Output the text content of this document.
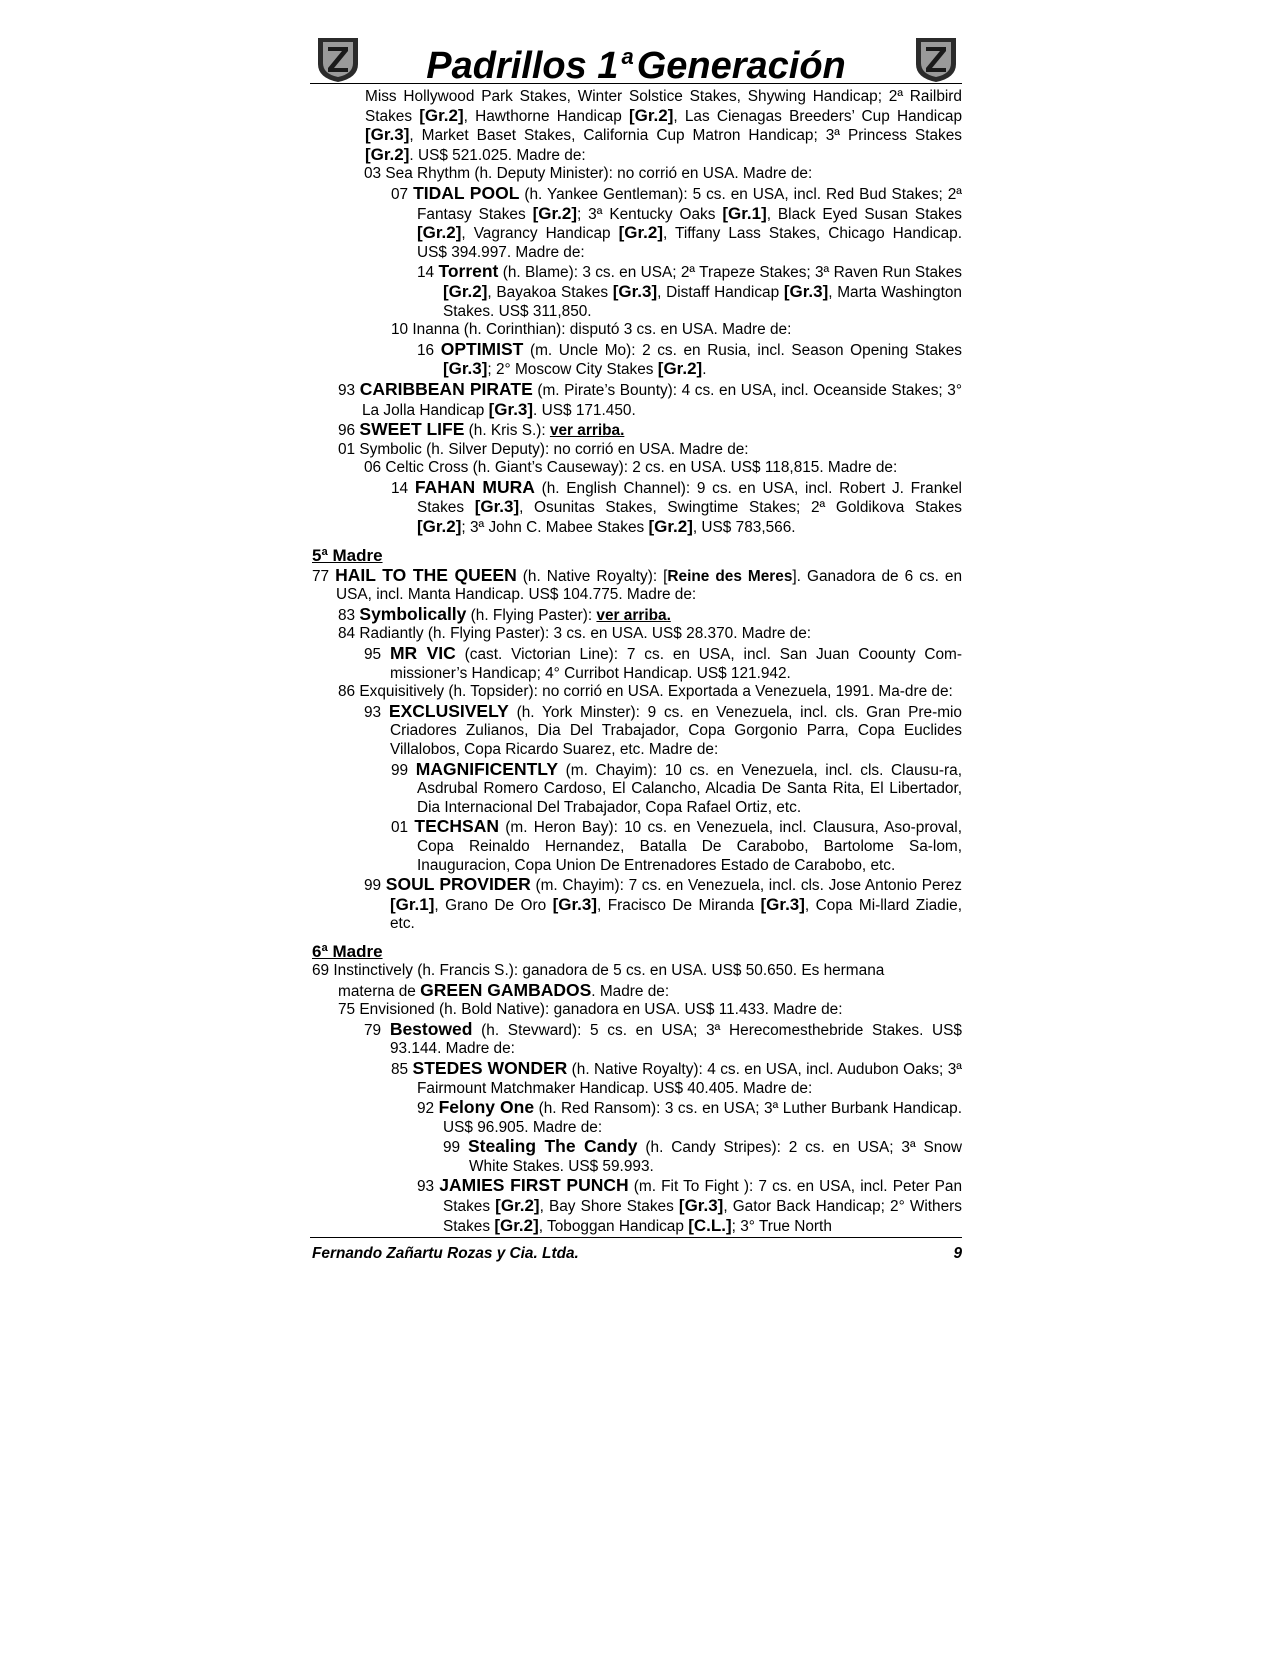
Padrillos 1 $^a$Generación

Miss Hollywood Park Stakes, Winter Solstice Stakes, Shywing Handicap; 2ª Railbird Stakes [Gr.2], Hawthorne Handicap [Gr.2], Las Cienagas Breeders’ Cup Handicap [Gr.3], Market Baset Stakes, California Cup Matron Handicap; 3ª Princess Stakes [Gr.2]. US$ 521.025. Madre de:

03 Sea Rhythm (h. Deputy Minister): no corrió en USA. Madre de:

07 TIDAL POOL (h. Yankee Gentleman): 5 cs. en USA, incl. Red Bud Stakes; 2ª Fantasy Stakes [Gr.2]; 3ª Kentucky Oaks [Gr.1], Black Eyed Susan Stakes [Gr.2], Vagrancy Handicap [Gr.2], Tiffany Lass Stakes, Chicago Handicap. US$ 394.997. Madre de:

14 Torrent (h. Blame): 3 cs. en USA; 2ª Trapeze Stakes; 3ª Raven Run Stakes [Gr.2], Bayakoa Stakes [Gr.3], Distaff Handicap [Gr.3], Marta Washington Stakes. US$ 311,850.

10 Inanna (h. Corinthian): disputó 3 cs. en USA. Madre de:

16 OPTIMIST (m. Uncle Mo): 2 cs. en Rusia, incl. Season Opening Stakes [Gr.3]; 2° Moscow City Stakes [Gr.2].

93 CARIBBEAN PIRATE (m. Pirate’s Bounty): 4 cs. en USA, incl. Oceanside Stakes; 3° La Jolla Handicap [Gr.3]. US$ 171.450.

96 SWEET LIFE (h. Kris S.): ver arriba.

01 Symbolic (h. Silver Deputy): no corrió en USA. Madre de:

06 Celtic Cross (h. Giant’s Causeway): 2 cs. en USA. US$ 118,815. Madre de:

14 FAHAN MURA (h. English Channel): 9 cs. en USA, incl. Robert J. Frankel Stakes [Gr.3], Osunitas Stakes, Swingtime Stakes; 2ª Goldikova Stakes [Gr.2]; 3ª John C. Mabee Stakes [Gr.2], US$ 783,566.

5ª Madre

77 HAIL TO THE QUEEN (h. Native Royalty): [Reine des Meres]. Ganadora de 6 cs. en USA, incl. Manta Handicap. US$ 104.775. Madre de:

83 Symbolically (h. Flying Paster): ver arriba.

84 Radiantly (h. Flying Paster): 3 cs. en USA. US$ 28.370. Madre de:

95 MR VIC (cast. Victorian Line): 7 cs. en USA, incl. San Juan Coounty Com-missioner’s Handicap; 4° Curribot Handicap. US$ 121.942.

86 Exquisitively (h. Topsider): no corrió en USA. Exportada a Venezuela, 1991. Ma-dre de:

93 EXCLUSIVELY (h. York Minster): 9 cs. en Venezuela, incl. cls. Gran Pre-mio Criadores Zulianos, Dia Del Trabajador, Copa Gorgonio Parra, Copa Euclides Villalobos, Copa Ricardo Suarez, etc. Madre de:

99 MAGNIFICENTLY (m. Chayim): 10 cs. en Venezuela, incl. cls. Clausu-ra, Asdrubal Romero Cardoso, El Calancho, Alcadia De Santa Rita, El Libertador, Dia Internacional Del Trabajador, Copa Rafael Ortiz, etc.

01 TECHSAN (m. Heron Bay): 10 cs. en Venezuela, incl. Clausura, Aso-proval, Copa Reinaldo Hernandez, Batalla De Carabobo, Bartolome Sa-lom, Inauguracion, Copa Union De Entrenadores Estado de Carabobo, etc.

99 SOUL PROVIDER (m. Chayim): 7 cs. en Venezuela, incl. cls. Jose Antonio Perez [Gr.1], Grano De Oro [Gr.3], Fracisco De Miranda [Gr.3], Copa Mi-llard Ziadie, etc.

6ª Madre

69 Instinctively (h. Francis S.): ganadora de 5 cs. en USA. US$ 50.650. Es hermana
materna de GREEN GAMBADOS. Madre de:

75 Envisioned (h. Bold Native): ganadora en USA. US$ 11.433. Madre de:

79 Bestowed (h. Stevward): 5 cs. en USA; 3ª Herecomesthebride Stakes. US$ 93.144. Madre de:

85 STEDES WONDER (h. Native Royalty): 4 cs. en USA, incl. Audubon Oaks; 3ª Fairmount Matchmaker Handicap. US$ 40.405. Madre de:

92 Felony One (h. Red Ransom): 3 cs. en USA; 3ª Luther Burbank Handicap. US$ 96.905. Madre de:

99 Stealing The Candy (h. Candy Stripes): 2 cs. en USA; 3ª Snow White Stakes. US$ 59.993.

93 JAMIES FIRST PUNCH (m. Fit To Fight ): 7 cs. en USA, incl. Peter Pan Stakes [Gr.2], Bay Shore Stakes [Gr.3], Gator Back Handicap; 2° Withers Stakes [Gr.2], Toboggan Handicap [C.L.]; 3° True North

Fernando Zañartu Rozas y Cia. Ltda.	9
